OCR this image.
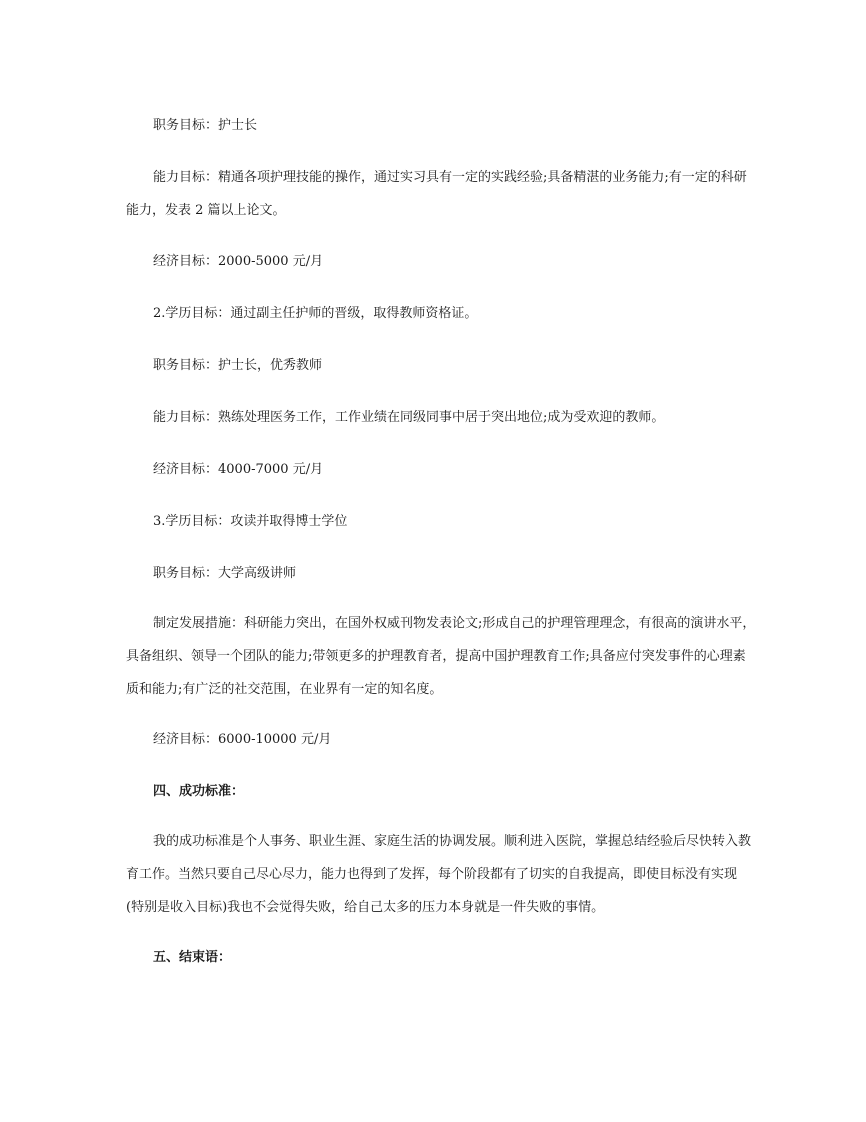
职务目标：护士长
能力目标：精通各项护理技能的操作，通过实习具有一定的实践经验;具备精湛的业务能力;有一定的科研
能力，发表 2 篇以上论文。
经济目标：2000-5000 元/月
2.学历目标：通过副主任护师的晋级，取得教师资格证。
职务目标：护士长，优秀教师
能力目标：熟练处理医务工作，工作业绩在同级同事中居于突出地位;成为受欢迎的教师。
经济目标：4000-7000 元/月
3.学历目标：攻读并取得博士学位
职务目标：大学高级讲师
制定发展措施：科研能力突出，在国外权威刊物发表论文;形成自己的护理管理理念，有很高的演讲水平，
具备组织、领导一个团队的能力;带领更多的护理教育者，提高中国护理教育工作;具备应付突发事件的心理素
质和能力;有广泛的社交范围，在业界有一定的知名度。
经济目标：6000-10000 元/月
四、成功标准：
我的成功标准是个人事务、职业生涯、家庭生活的协调发展。顺利进入医院，掌握总结经验后尽快转入教
育工作。当然只要自己尽心尽力，能力也得到了发挥，每个阶段都有了切实的自我提高，即使目标没有实现
(特别是收入目标)我也不会觉得失败，给自己太多的压力本身就是一件失败的事情。
五、结束语：
